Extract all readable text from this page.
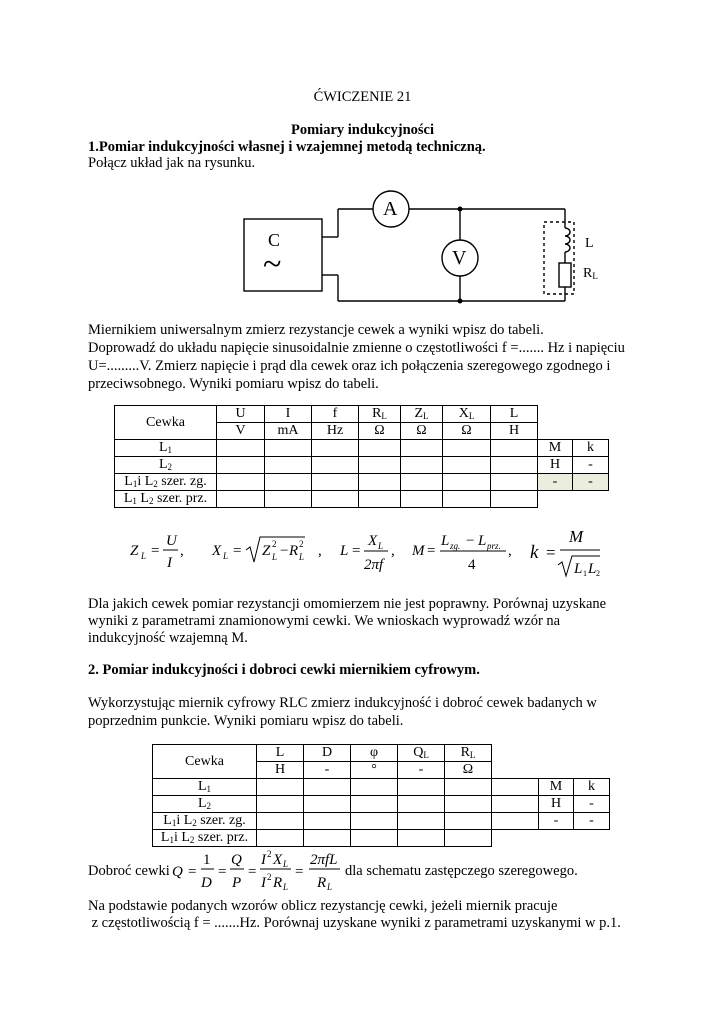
ĆWICZENIE 21
Pomiary indukcyjności
1.Pomiar indukcyjności własnej i wzajemnej metodą techniczną.
Połącz układ jak na rysunku.
C
~
A
V
L
$R_L$
Miernikiem uniwersalnym zmierz rezystancje cewek a wyniki wpisz do tabeli.
Doprowadź do układu napięcie sinusoidalnie zmienne o częstotliwości f =....... Hz i napięciu
U=.........V. Zmierz napięcie i prąd dla cewek oraz ich połączenia szeregowego zgodnego i
przeciwsobnego. Wyniki pomiaru wpisz do tabeli.
Cewka	U	I	f	$R_L$	$Z_L$	$X_L$	L		
	V	mA	Hz	Ω	Ω	Ω	H		
$L_1$								M	k
$L_2$								H	-
$L_1i$ $L_2$ szer. zg.								-	-
$L_1$ $L_2$ szer. prz.									
Z L =
U
I
, X L = Z 2
L − R 2
L , L =
X L
2πf
, M =
L zg. − L prz.
4
, k =
M
L 1 L 2
Dla jakich cewek pomiar rezystancji omomierzem nie jest poprawny. Porównaj uzyskane
wyniki z parametrami znamionowymi cewki. We wnioskach wyprowadź wzór na
indukcyjność wzajemną M.
2. Pomiar indukcyjności i dobroci cewki miernikiem cyfrowym.
Wykorzystując miernik cyfrowy RLC zmierz indukcyjność i dobroć cewek badanych w
poprzednim punkcie. Wyniki pomiaru wpisz do tabeli.
Cewka	L	D	φ	$Q_L$	$R_L$
	H	-	°	-	Ω			
$L_1$							M	k
$L_2$							H	-
$L_1i$ $L_2$ szer. zg.							-	-
$L_1i$ $L_2$ szer. prz.								
Dobroć cewki Q =
1
D
=
Q
P
=
I 2 X L
I 2 R L
=
2πfL
R L
dla schematu zastępczego szeregowego.
Na podstawie podanych wzorów oblicz rezystancję cewki, jeżeli miernik pracuje
z częstotliwością f = .......Hz. Porównaj uzyskane wyniki z parametrami uzyskanymi w p.1.
